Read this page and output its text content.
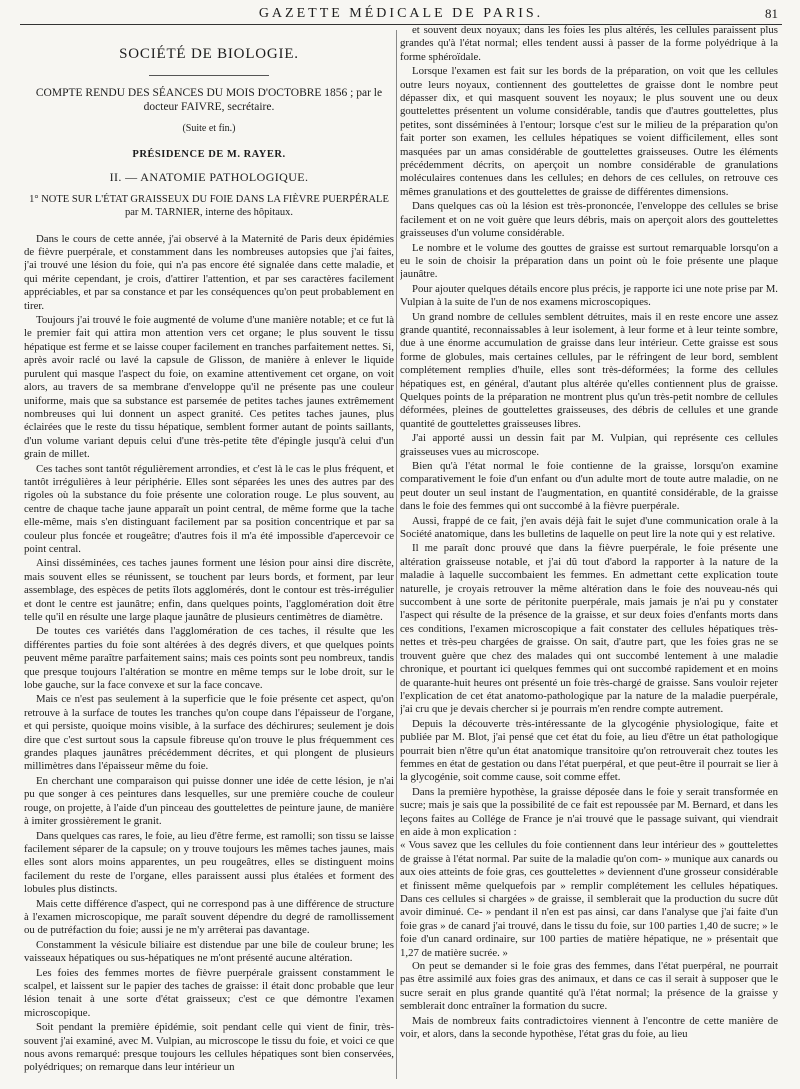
GAZETTE MÉDICALE DE PARIS.	81
SOCIÉTÉ DE BIOLOGIE.
COMPTE RENDU DES SÉANCES DU MOIS D'OCTOBRE 1856 ; par le docteur FAIVRE, secrétaire.
(Suite et fin.)
PRÉSIDENCE DE M. RAYER.
II. — ANATOMIE PATHOLOGIQUE.
1° NOTE SUR L'ÉTAT GRAISSEUX DU FOIE DANS LA FIÈVRE PUERPÉRALE par M. TARNIER, interne des hôpitaux.

Dans le cours de cette année, j'ai observé à la Maternité de Paris deux épidémies de fièvre puerpérale, et constamment dans les nombreuses autopsies que j'ai faites, j'ai trouvé une lésion du foie, qui n'a pas encore été signalée dans cette maladie, et qui mérite cependant, je crois, d'attirer l'attention, et par ses caractères facilement appréciables, et par sa constance et par les conséquences qu'on peut probablement en tirer.

Toujours j'ai trouvé le foie augmenté de volume d'une manière notable; et ce fut là le premier fait qui attira mon attention vers cet organe; le plus souvent le tissu hépatique est ferme et se laisse couper facilement en tranches parfaitement nettes. Si, après avoir raclé ou lavé la capsule de Glisson, de manière à enlever le liquide purulent qui masque l'aspect du foie, on examine attentivement cet organe, on voit alors, au travers de sa membrane d'enveloppe qu'il ne présente pas une couleur uniforme, mais que sa substance est parsemée de petites taches jaunes extrêmement nombreuses qui lui donnent un aspect granité. Ces petites taches jaunes, plus éclairées que le reste du tissu hépatique, semblent former autant de points saillants, d'un volume variant depuis celui d'une très-petite tête d'épingle jusqu'à celui d'un grain de millet.

Ces taches sont tantôt régulièrement arrondies, et c'est là le cas le plus fréquent, et tantôt irrégulières à leur périphérie. Elles sont séparées les unes des autres par des rigoles où la substance du foie présente une coloration rouge. Le plus souvent, au centre de chaque tache jaune apparaît un point central, de même forme que la tache elle-même, mais s'en distinguant facilement par sa position concentrique et par sa couleur plus foncée et rougeâtre; d'autres fois il m'a été impossible d'apercevoir ce point central.

Ainsi disséminées, ces taches jaunes forment une lésion pour ainsi dire discrète, mais souvent elles se réunissent, se touchent par leurs bords, et forment, par leur assemblage, des espèces de petits îlots agglomérés, dont le contour est très-irrégulier et dont le centre est jaunâtre; enfin, dans quelques points, l'agglomération doit être telle qu'il en résulte une large plaque jaunâtre de plusieurs centimètres de diamètre.

De toutes ces variétés dans l'agglomération de ces taches, il résulte que les différentes parties du foie sont altérées à des degrés divers, et que quelques points peuvent même paraître parfaitement sains; mais ces points sont peu nombreux, tandis que presque toujours l'altération se montre en même temps sur le lobe droit, sur le lobe gauche, sur la face convexe et sur la face concave.

Mais ce n'est pas seulement à la superficie que le foie présente cet aspect, qu'on retrouve à la surface de toutes les tranches qu'on coupe dans l'épaisseur de l'organe, et qui persiste, quoique moins visible, à la surface des déchirures; seulement je dois dire que c'est surtout sous la capsule fibreuse qu'on trouve le plus fréquemment ces grandes plaques jaunâtres précédemment décrites, et qui plongent de plusieurs millimètres dans l'épaisseur même du foie.

En cherchant une comparaison qui puisse donner une idée de cette lésion, je n'ai pu que songer à ces peintures dans lesquelles, sur une première couche de couleur rouge, on projette, à l'aide d'un pinceau des gouttelettes de peinture jaune, de manière à imiter grossièrement le granit.

Dans quelques cas rares, le foie, au lieu d'être ferme, est ramolli; son tissu se laisse facilement séparer de la capsule; on y trouve toujours les mêmes taches jaunes, mais elles sont alors moins apparentes, un peu rougeâtres, elles se distinguent moins facilement du reste de l'organe, elles paraissent aussi plus étalées et forment des lobules plus distincts.

Mais cette différence d'aspect, qui ne correspond pas à une différence de structure à l'examen microscopique, me paraît souvent dépendre du degré de ramollissement ou de putréfaction du foie; aussi je ne m'y arrêterai pas davantage.

Constamment la vésicule biliaire est distendue par une bile de couleur brune; les vaisseaux hépatiques ou sus-hépatiques ne m'ont présenté aucune altération.

Les foies des femmes mortes de fièvre puerpérale graissent constamment le scalpel, et laissent sur le papier des taches de graisse: il était donc probable que leur lésion tenait à une sorte d'état graisseux; c'est ce que démontre l'examen microscopique.

Soit pendant la première épidémie, soit pendant celle qui vient de finir, très-souvent j'ai examiné, avec M. Vulpian, au microscope le tissu du foie, et voici ce que nous avons remarqué: presque toujours les cellules hépatiques sont bien conservées, polyédriques; on remarque dans leur intérieur un

et souvent deux noyaux; dans les foies les plus altérés, les cellules paraissent plus grandes qu'à l'état normal; elles tendent aussi à passer de la forme polyédrique à la forme sphéroïdale.

Lorsque l'examen est fait sur les bords de la préparation, on voit que les cellules outre leurs noyaux, contiennent des gouttelettes de graisse dont le nombre peut dépasser dix, et qui masquent souvent les noyaux; le plus souvent une ou deux gouttelettes présentent un volume considérable, tandis que d'autres gouttelettes, plus petites, sont disséminées à l'entour; lorsque c'est sur le milieu de la préparation qu'on fait porter son examen, les cellules hépatiques se voient difficilement, elles sont masquées par un amas considérable de gouttelettes graisseuses. Outre les éléments précédemment décrits, on aperçoit un nombre considérable de granulations moléculaires contenues dans les cellules; en dehors de ces cellules, on retrouve ces mêmes granulations et des gouttelettes de graisse de différentes dimensions.

Dans quelques cas où la lésion est très-prononcée, l'enveloppe des cellules se brise facilement et on ne voit guère que leurs débris, mais on aperçoit alors des gouttelettes graisseuses d'un volume considérable.

Le nombre et le volume des gouttes de graisse est surtout remarquable lorsqu'on a eu le soin de choisir la préparation dans un point où le foie présente une plaque jaunâtre.

Pour ajouter quelques détails encore plus précis, je rapporte ici une note prise par M. Vulpian à la suite de l'un de nos examens microscopiques.

Un grand nombre de cellules semblent détruites, mais il en reste encore une assez grande quantité, reconnaissables à leur isolement, à leur forme et à leur teinte sombre, due à une énorme accumulation de graisse dans leur intérieur. Cette graisse est sous forme de globules, mais certaines cellules, par le réfringent de leur bord, semblent complétement remplies d'huile, elles sont très-déformées; la forme des cellules hépatiques est, en général, d'autant plus altérée qu'elles contiennent plus de graisse. Quelques points de la préparation ne montrent plus qu'un très-petit nombre de cellules déformées, pleines de gouttelettes graisseuses, des débris de cellules et une grande quantité de gouttelettes graisseuses libres.

J'ai apporté aussi un dessin fait par M. Vulpian, qui représente ces cellules graisseuses vues au microscope.

Bien qu'à l'état normal le foie contienne de la graisse, lorsqu'on examine comparativement le foie d'un enfant ou d'un adulte mort de toute autre maladie, on ne peut douter un seul instant de l'augmentation, en quantité considérable, de la graisse dans le foie des femmes qui ont succombé à la fièvre puerpérale.

Aussi, frappé de ce fait, j'en avais déjà fait le sujet d'une communication orale à la Société anatomique, dans les bulletins de laquelle on peut lire la note qui y est relative.

Il me paraît donc prouvé que dans la fièvre puerpérale, le foie présente une altération graisseuse notable, et j'ai dû tout d'abord la rapporter à la nature de la maladie à laquelle succombaient les femmes. En admettant cette explication toute naturelle, je croyais retrouver la même altération dans le foie des nouveau-nés qui succombent à une sorte de péritonite puerpérale, mais jamais je n'ai pu y constater l'aspect qui résulte de la présence de la graisse, et sur deux foies d'enfants morts dans ces conditions, l'examen microscopique a fait constater des cellules hépatiques très-nettes et très-peu chargées de graisse. On sait, d'autre part, que les foies gras ne se trouvent guère que chez des malades qui ont succombé lentement à une maladie chronique, et pourtant ici quelques femmes qui ont succombé rapidement et en moins de quarante-huit heures ont présenté un foie très-chargé de graisse. Sans vouloir rejeter l'explication de cet état anatomo-pathologique par la nature de la maladie puerpérale, j'ai cru que je devais chercher si je pourrais m'en rendre compte autrement.

Depuis la découverte très-intéressante de la glycogénie physiologique, faite et publiée par M. Blot, j'ai pensé que cet état du foie, au lieu d'être un état pathologique pourrait bien n'être qu'un état anatomique transitoire qu'on retrouverait chez toutes les femmes en état de gestation ou dans l'état puerpéral, et que peut-être il pourrait se lier à la glycogénie, soit comme cause, soit comme effet.

Dans la première hypothèse, la graisse déposée dans le foie y serait transformée en sucre; mais je sais que la possibilité de ce fait est repoussée par M. Bernard, et dans les leçons faites au Collége de France je n'ai trouvé que le passage suivant, qui viendrait en aide à mon explication :

« Vous savez que les cellules du foie contiennent dans leur intérieur des » gouttelettes de graisse à l'état normal. Par suite de la maladie qu'on com- » munique aux canards ou aux oies atteints de foie gras, ces gouttelettes » deviennent d'une grosseur considérable et finissent même quelquefois par » remplir complétement les cellules hépatiques. Dans ces cellules si chargées » de graisse, il semblerait que la production du sucre dût avoir diminué. Ce- » pendant il n'en est pas ainsi, car dans l'analyse que j'ai faite d'un foie gras » de canard j'ai trouvé, dans le tissu du foie, sur 100 parties 1,40 de sucre; » le foie d'un canard ordinaire, sur 100 parties de matière hépatique, ne » présentait que 1,27 de matière sucrée. »

On peut se demander si le foie gras des femmes, dans l'état puerpéral, ne pourrait pas être assimilé aux foies gras des animaux, et dans ce cas il serait à supposer que le sucre serait en plus grande quantité qu'à l'état normal; la présence de la graisse y semblerait donc entraîner la formation du sucre.

Mais de nombreux faits contradictoires viennent à l'encontre de cette manière de voir, et alors, dans la seconde hypothèse, l'état gras du foie, au lieu
